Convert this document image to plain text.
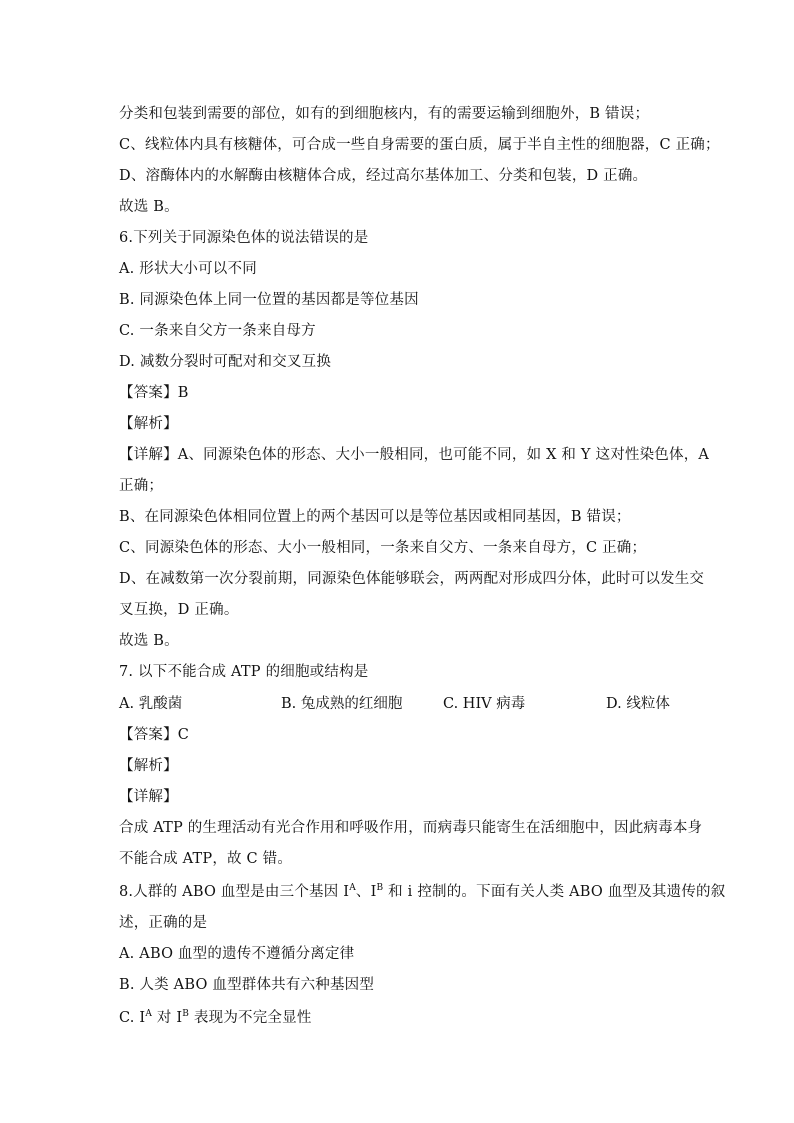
分类和包装到需要的部位，如有的到细胞核内，有的需要运输到细胞外，B 错误；
C、线粒体内具有核糖体，可合成一些自身需要的蛋白质，属于半自主性的细胞器，C 正确；
D、溶酶体内的水解酶由核糖体合成，经过高尔基体加工、分类和包装，D 正确。
故选 B。
6.下列关于同源染色体的说法错误的是
A. 形状大小可以不同
B. 同源染色体上同一位置的基因都是等位基因
C. 一条来自父方一条来自母方
D. 减数分裂时可配对和交叉互换
【答案】B
【解析】
【详解】A、同源染色体的形态、大小一般相同，也可能不同，如 X 和 Y 这对性染色体，A
正确；
B、在同源染色体相同位置上的两个基因可以是等位基因或相同基因，B 错误；
C、同源染色体的形态、大小一般相同，一条来自父方、一条来自母方，C 正确；
D、在减数第一次分裂前期，同源染色体能够联会，两两配对形成四分体，此时可以发生交
叉互换，D 正确。
故选 B。
7. 以下不能合成 ATP 的细胞或结构是
A. 乳酸菌	B. 兔成熟的红细胞	C. HIV 病毒	D. 线粒体
【答案】C
【解析】
【详解】
合成 ATP 的生理活动有光合作用和呼吸作用，而病毒只能寄生在活细胞中，因此病毒本身
不能合成 ATP，故 C 错。
8.人群的 ABO 血型是由三个基因 $I^A$、$I^B$ 和 i 控制的。下面有关人类 ABO 血型及其遗传的叙
述，正确的是
A. ABO 血型的遗传不遵循分离定律
B. 人类 ABO 血型群体共有六种基因型
C. $I^A$ 对 $I^B$ 表现为不完全显性
